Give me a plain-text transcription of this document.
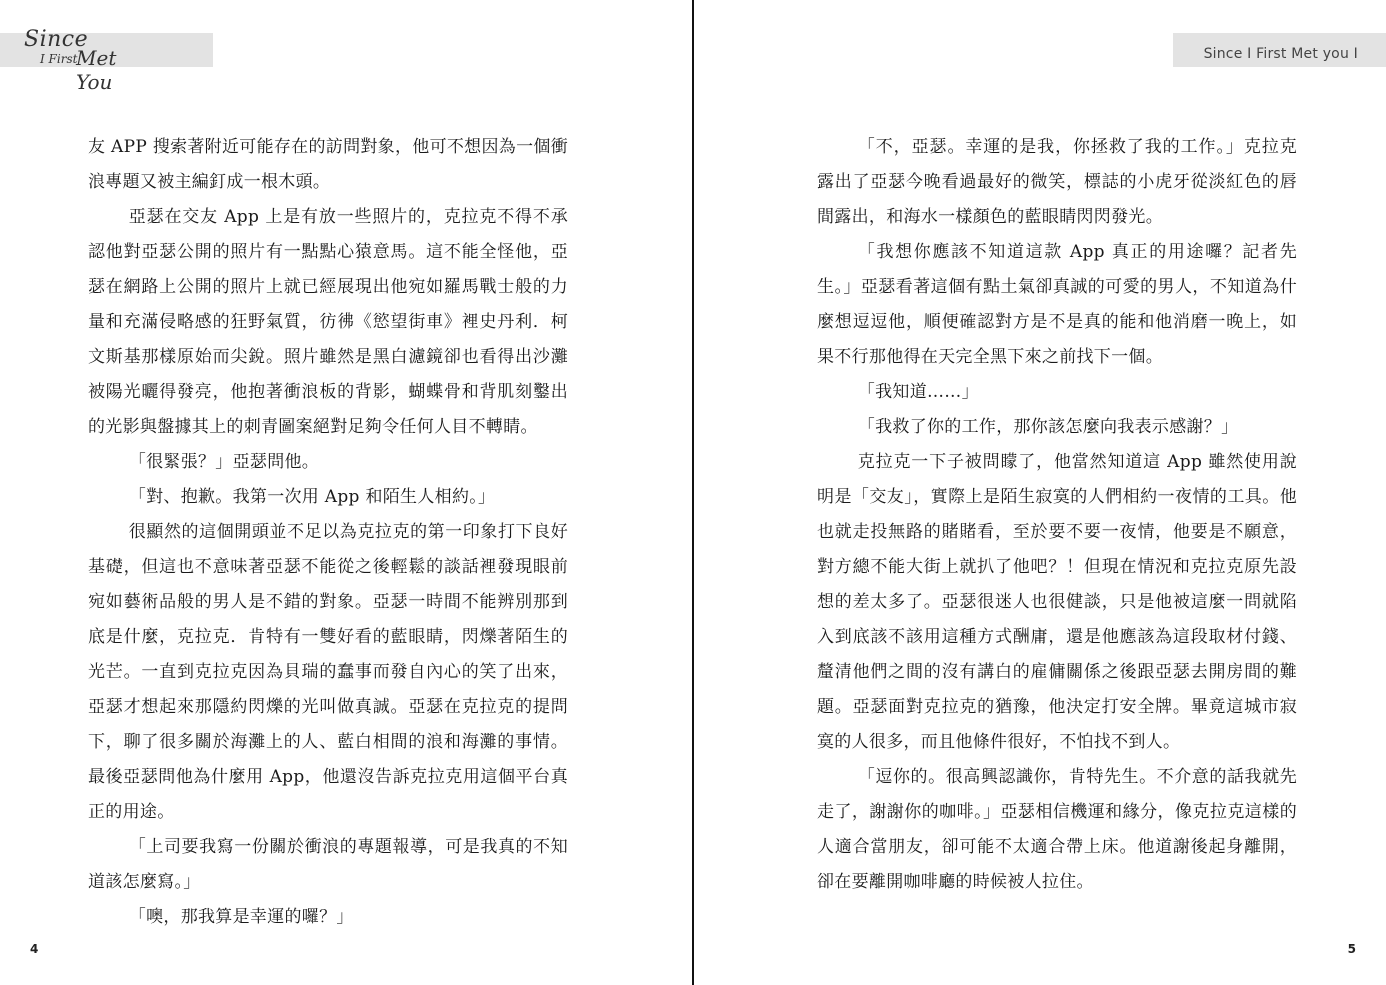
Since
I First
Met You

友 APP 搜索著附近可能存在的訪問對象，他可不想因為一個衝浪專題又被主編釘成一根木頭。

亞瑟在交友 App 上是有放一些照片的，克拉克不得不承認他對亞瑟公開的照片有一點點心猿意馬。這不能全怪他，亞瑟在網路上公開的照片上就已經展現出他宛如羅馬戰士般的力量和充滿侵略感的狂野氣質，彷彿《慾望街車》裡史丹利．柯文斯基那樣原始而尖銳。照片雖然是黑白濾鏡卻也看得出沙灘被陽光曬得發亮，他抱著衝浪板的背影，蝴蝶骨和背肌刻鑿出的光影與盤據其上的刺青圖案絕對足夠令任何人目不轉睛。

「很緊張？」亞瑟問他。

「對、抱歉。我第一次用 App 和陌生人相約。」

很顯然的這個開頭並不足以為克拉克的第一印象打下良好基礎，但這也不意味著亞瑟不能從之後輕鬆的談話裡發現眼前宛如藝術品般的男人是不錯的對象。亞瑟一時間不能辨別那到底是什麼，克拉克．肯特有一雙好看的藍眼睛，閃爍著陌生的光芒。一直到克拉克因為貝瑞的蠢事而發自內心的笑了出來，亞瑟才想起來那隱約閃爍的光叫做真誠。亞瑟在克拉克的提問下，聊了很多關於海灘上的人、藍白相間的浪和海灘的事情。最後亞瑟問他為什麼用 App，他還沒告訴克拉克用這個平台真正的用途。

「上司要我寫一份關於衝浪的專題報導，可是我真的不知道該怎麼寫。」

「噢，那我算是幸運的囉？」

4
Since I First Met you I

「不，亞瑟。幸運的是我，你拯救了我的工作。」克拉克露出了亞瑟今晚看過最好的微笑，標誌的小虎牙從淡紅色的唇間露出，和海水一樣顏色的藍眼睛閃閃發光。

「我想你應該不知道這款 App 真正的用途囉？記者先生。」亞瑟看著這個有點土氣卻真誠的可愛的男人，不知道為什麼想逗逗他，順便確認對方是不是真的能和他消磨一晚上，如果不行那他得在天完全黑下來之前找下一個。

「我知道……」

「我救了你的工作，那你該怎麼向我表示感謝？」

克拉克一下子被問矇了，他當然知道這 App 雖然使用說明是「交友」，實際上是陌生寂寞的人們相約一夜情的工具。他也就走投無路的賭賭看，至於要不要一夜情，他要是不願意，對方總不能大街上就扒了他吧？！但現在情況和克拉克原先設想的差太多了。亞瑟很迷人也很健談，只是他被這麼一問就陷入到底該不該用這種方式酬庸，還是他應該為這段取材付錢、釐清他們之間的沒有講白的雇傭關係之後跟亞瑟去開房間的難題。亞瑟面對克拉克的猶豫，他決定打安全牌。畢竟這城市寂寞的人很多，而且他條件很好，不怕找不到人。

「逗你的。很高興認識你，肯特先生。不介意的話我就先走了，謝謝你的咖啡。」亞瑟相信機運和緣分，像克拉克這樣的人適合當朋友，卻可能不太適合帶上床。他道謝後起身離開，卻在要離開咖啡廳的時候被人拉住。

5
